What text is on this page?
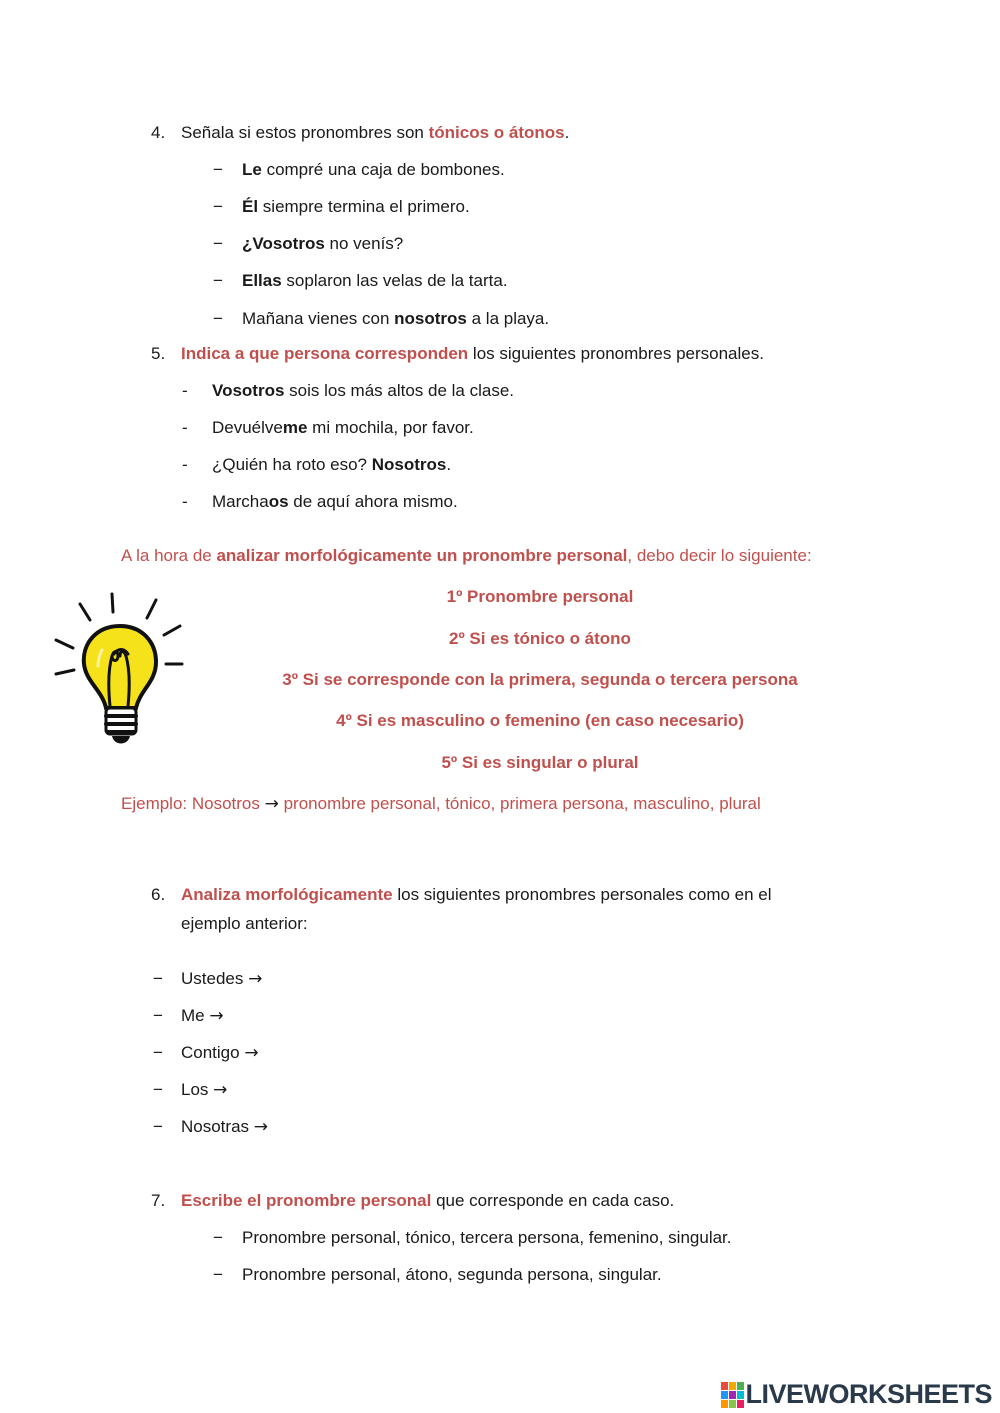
4. Señala si estos pronombres son tónicos o átonos.
− Le compré una caja de bombones.
− Él siempre termina el primero.
− ¿Vosotros no venís?
− Ellas soplaron las velas de la tarta.
− Mañana vienes con nosotros a la playa.
5. Indica a que persona corresponden los siguientes pronombres personales.
- Vosotros sois los más altos de la clase.
- Devuélveme mi mochila, por favor.
- ¿Quién ha roto eso? Nosotros.
- Marchaos de aquí ahora mismo.
A la hora de analizar morfológicamente un pronombre personal, debo decir lo siguiente:
1º Pronombre personal
2º Si es tónico o átono
3º Si se corresponde con la primera, segunda o tercera persona
4º Si es masculino o femenino (en caso necesario)
5º Si es singular o plural
Ejemplo: Nosotros → pronombre personal, tónico, primera persona, masculino, plural
6. Analiza morfológicamente los siguientes pronombres personales como en el
ejemplo anterior:
− Ustedes →
− Me →
− Contigo →
− Los →
− Nosotras →
7. Escribe el pronombre personal que corresponde en cada caso.
− Pronombre personal, tónico, tercera persona, femenino, singular.
− Pronombre personal, átono, segunda persona, singular.
LIVEWORKSHEETS
